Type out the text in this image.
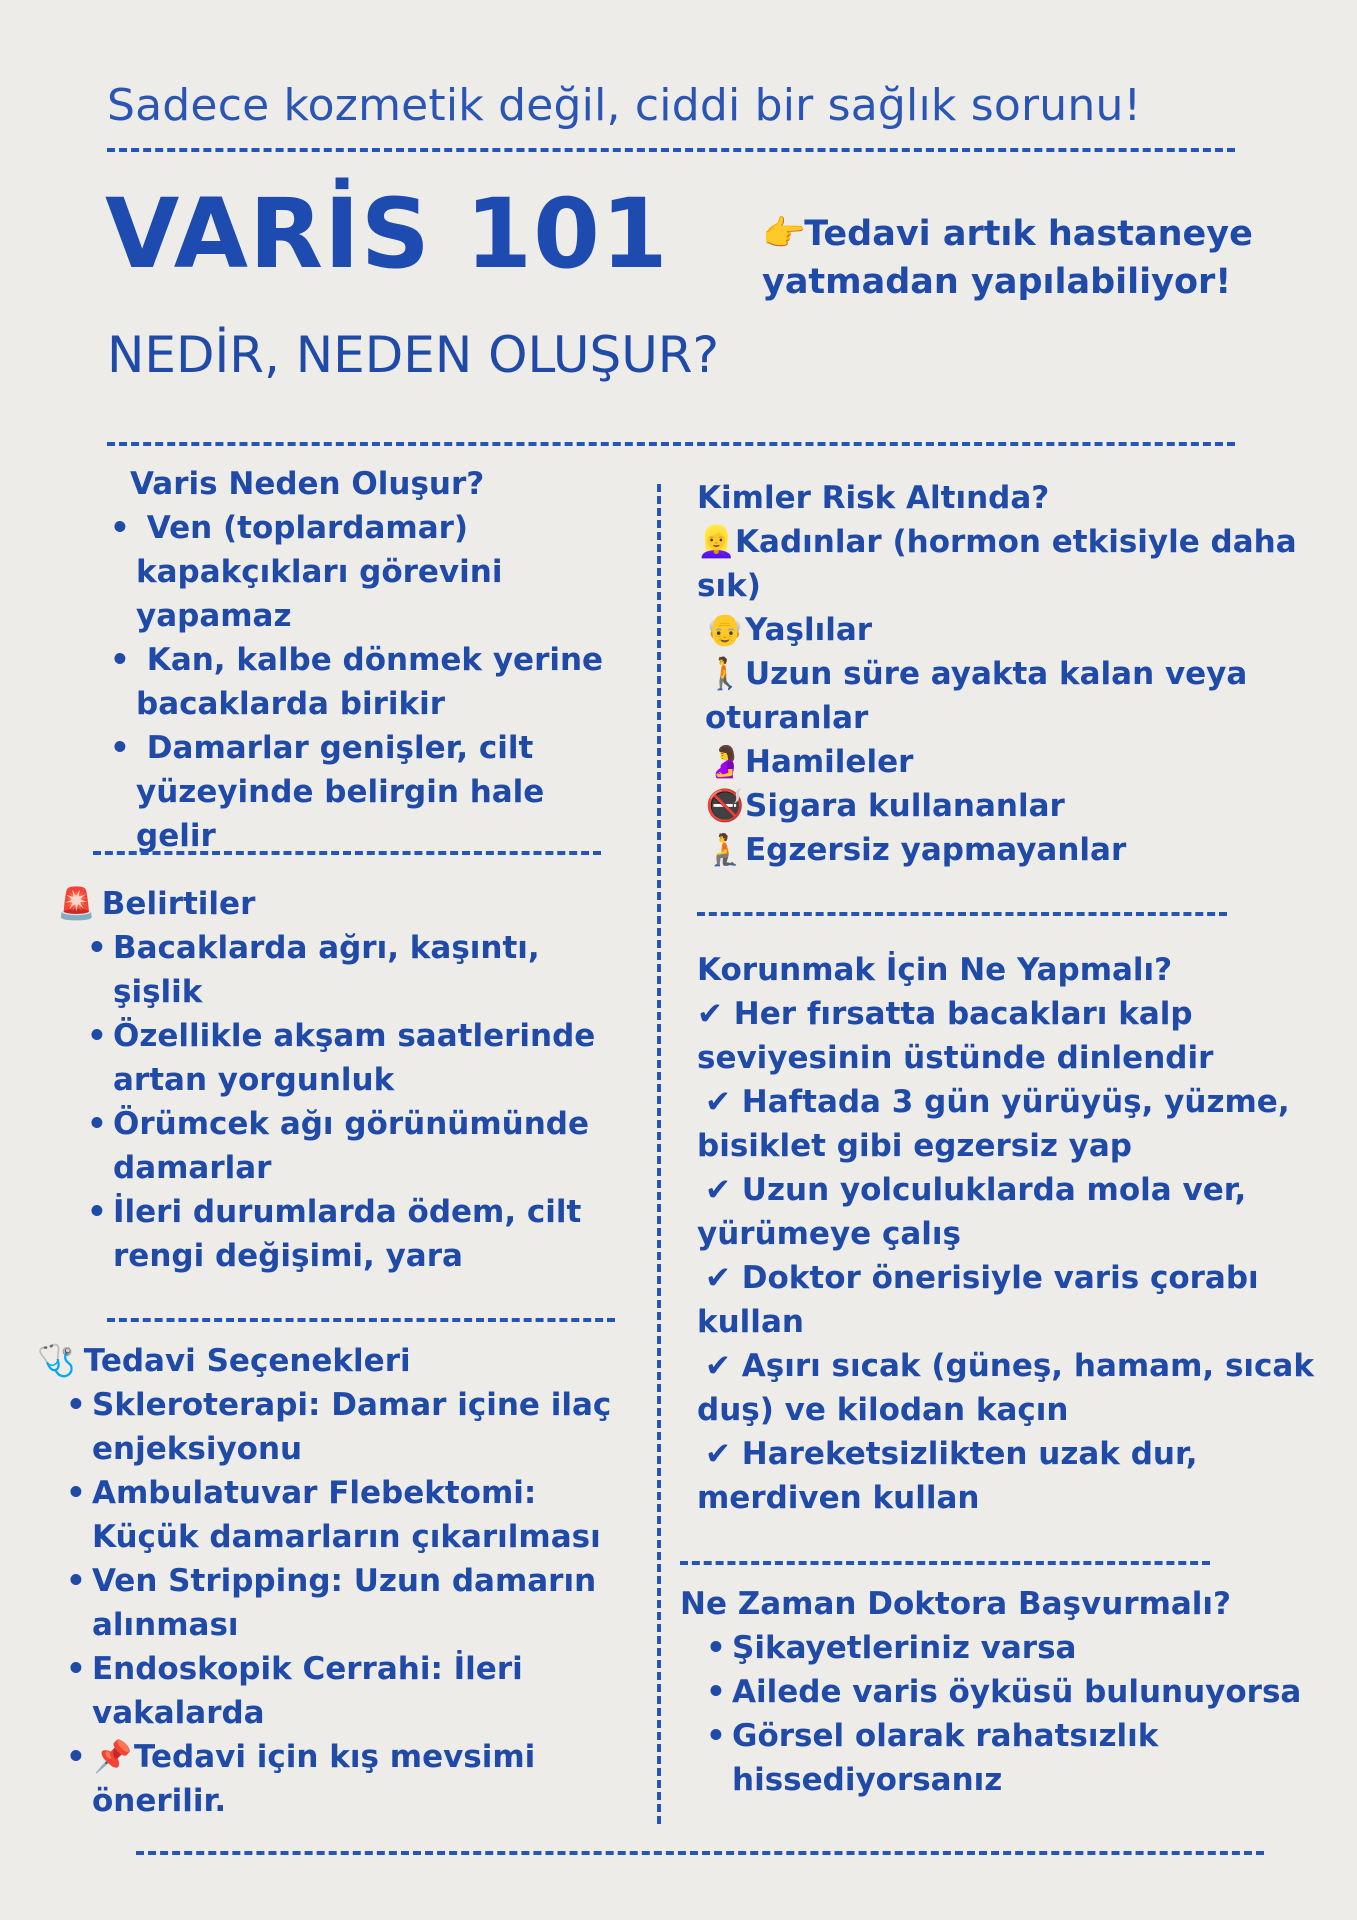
Sadece kozmetik değil, ciddi bir sağlık sorunu!
VARİS 101	👉 Tedavi artık hastaneye yatmadan yapılabiliyor!
NEDİR, NEDEN OLUŞUR?
Varis Neden Oluşur?
• Ven (toplardamar) kapakçıkları görevini yapamaz
• Kan, kalbe dönmek yerine bacaklarda birikir
• Damarlar genişler, cilt yüzeyinde belirgin hale gelir
🚨 Belirtiler
• Bacaklarda ağrı, kaşıntı, şişlik
• Özellikle akşam saatlerinde artan yorgunluk
• Örümcek ağı görünümünde damarlar
• İleri durumlarda ödem, cilt rengi değişimi, yara
🩺 Tedavi Seçenekleri
• Skleroterapi: Damar içine ilaç enjeksiyonu
• Ambulatuvar Flebektomi: Küçük damarların çıkarılması
• Ven Stripping: Uzun damarın alınması
• Endoskopik Cerrahi: İleri vakalarda
• 📌Tedavi için kış mevsimi önerilir.
Kimler Risk Altında?
👱‍♀️Kadınlar (hormon etkisiyle daha sık)
👴Yaşlılar
🚶Uzun süre ayakta kalan veya oturanlar
🤰Hamileler
🚭Sigara kullananlar
🧎Egzersiz yapmayanlar
Korunmak İçin Ne Yapmalı?
✔ Her fırsatta bacakları kalp seviyesinin üstünde dinlendir
✔ Haftada 3 gün yürüyüş, yüzme, bisiklet gibi egzersiz yap
✔ Uzun yolculuklarda mola ver, yürümeye çalış
✔ Doktor önerisiyle varis çorabı kullan
✔ Aşırı sıcak (güneş, hamam, sıcak duş) ve kilodan kaçın
✔ Hareketsizlikten uzak dur, merdiven kullan
Ne Zaman Doktora Başvurmalı?
• Şikayetleriniz varsa
• Ailede varis öyküsü bulunuyorsa
• Görsel olarak rahatsızlık hissediyorsanız
